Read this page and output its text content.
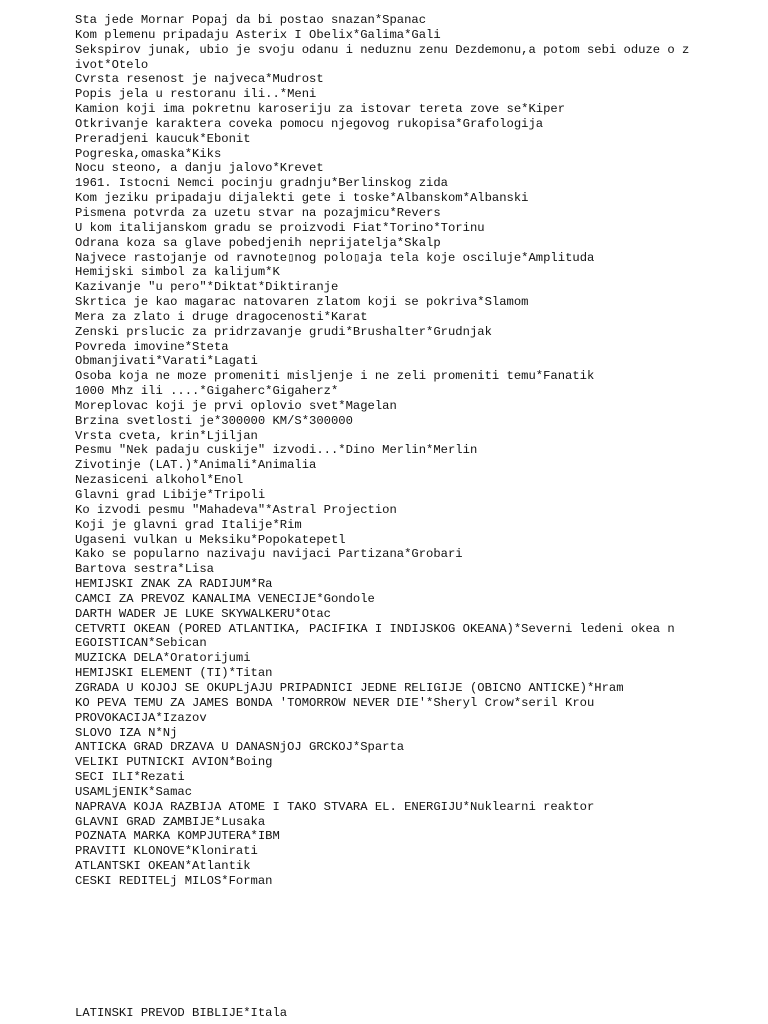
Sta jede Mornar Popaj da bi postao snazan*Spanac
Kom plemenu pripadaju Asterix I Obelix*Galima*Gali
Sekspirov junak, ubio je svoju odanu i neduznu zenu Dezdemonu,a potom sebi oduze o zivot*Otelo
Cvrsta resenost je najveca*Mudrost
Popis jela u restoranu ili..*Meni
Kamion koji ima pokretnu karoseriju za istovar tereta zove se*Kiper
Otkrivanje karaktera coveka pomocu njegovog rukopisa*Grafologija
Preradjeni kaucuk*Ebonit
Pogreska,omaska*Kiks
Nocu steono, a danju jalovo*Krevet
1961. Istocni Nemci pocinju gradnju*Berlinskog zida
Kom jeziku pripadaju dijalekti gete i toske*Albanskom*Albanski
Pismena potvrda za uzetu stvar na pozajmicu*Revers
U kom italijanskom gradu se proizvodi Fiat*Torino*Torinu
Odrana koza sa glave pobedjenih neprijatelja*Skalp
Najvece rastojanje od ravnote▯nog polo▯aja tela koje osciluje*Amplituda
Hemijski simbol za kalijum*K
Kazivanje "u pero"*Diktat*Diktiranje
Skrtica je kao magarac natovaren zlatom koji se pokriva*Slamom
Mera za zlato i druge dragocenosti*Karat
Zenski prslucic za pridrzavanje grudi*Brushalter*Grudnjak
Povreda imovine*Steta
Obmanjivati*Varati*Lagati
Osoba koja ne moze promeniti misljenje i ne zeli promeniti temu*Fanatik
1000 Mhz ili ....*Gigaherc*Gigaherz*
Moreplovac koji je prvi oplovio svet*Magelan
Brzina svetlosti je*300000 KM/S*300000
Vrsta cveta, krin*Ljiljan
Pesmu "Nek padaju cuskije" izvodi...*Dino Merlin*Merlin
Zivotinje (LAT.)*Animali*Animalia
Nezasiceni alkohol*Enol
Glavni grad Libije*Tripoli
Ko izvodi pesmu "Mahadeva"*Astral Projection
Koji je glavni grad Italije*Rim
Ugaseni vulkan u Meksiku*Popokatepetl
Kako se popularno nazivaju navijaci Partizana*Grobari
Bartova sestra*Lisa
HEMIJSKI ZNAK ZA RADIJUM*Ra
CAMCI ZA PREVOZ KANALIMA VENECIJE*Gondole
DARTH WADER JE LUKE SKYWALKERU*Otac
CETVRTI OKEAN (PORED ATLANTIKA, PACIFIKA I INDIJSKOG OKEANA)*Severni ledeni okea n
EGOISTICAN*Sebican
MUZICKA DELA*Oratorijumi
HEMIJSKI ELEMENT (TI)*Titan
ZGRADA U KOJOJ SE OKUPLjAJU PRIPADNICI JEDNE RELIGIJE (OBICNO ANTICKE)*Hram
KO PEVA TEMU ZA JAMES BONDA 'TOMORROW NEVER DIE'*Sheryl Crow*seril Krou
PROVOKACIJA*Izazov
SLOVO IZA N*Nj
ANTICKA GRAD DRZAVA U DANASNjOJ GRCKOJ*Sparta
VELIKI PUTNICKI AVION*Boing
SECI ILI*Rezati
USAMLjENIK*Samac
NAPRAVA KOJA RAZBIJA ATOME I TAKO STVARA EL. ENERGIJU*Nuklearni reaktor
GLAVNI GRAD ZAMBIJE*Lusaka
POZNATA MARKA KOMPJUTERA*IBM
PRAVITI KLONOVE*Klonirati
ATLANTSKI OKEAN*Atlantik
CESKI REDITELj MILOS*Forman
LATINSKI PREVOD BIBLIJE*Itala
